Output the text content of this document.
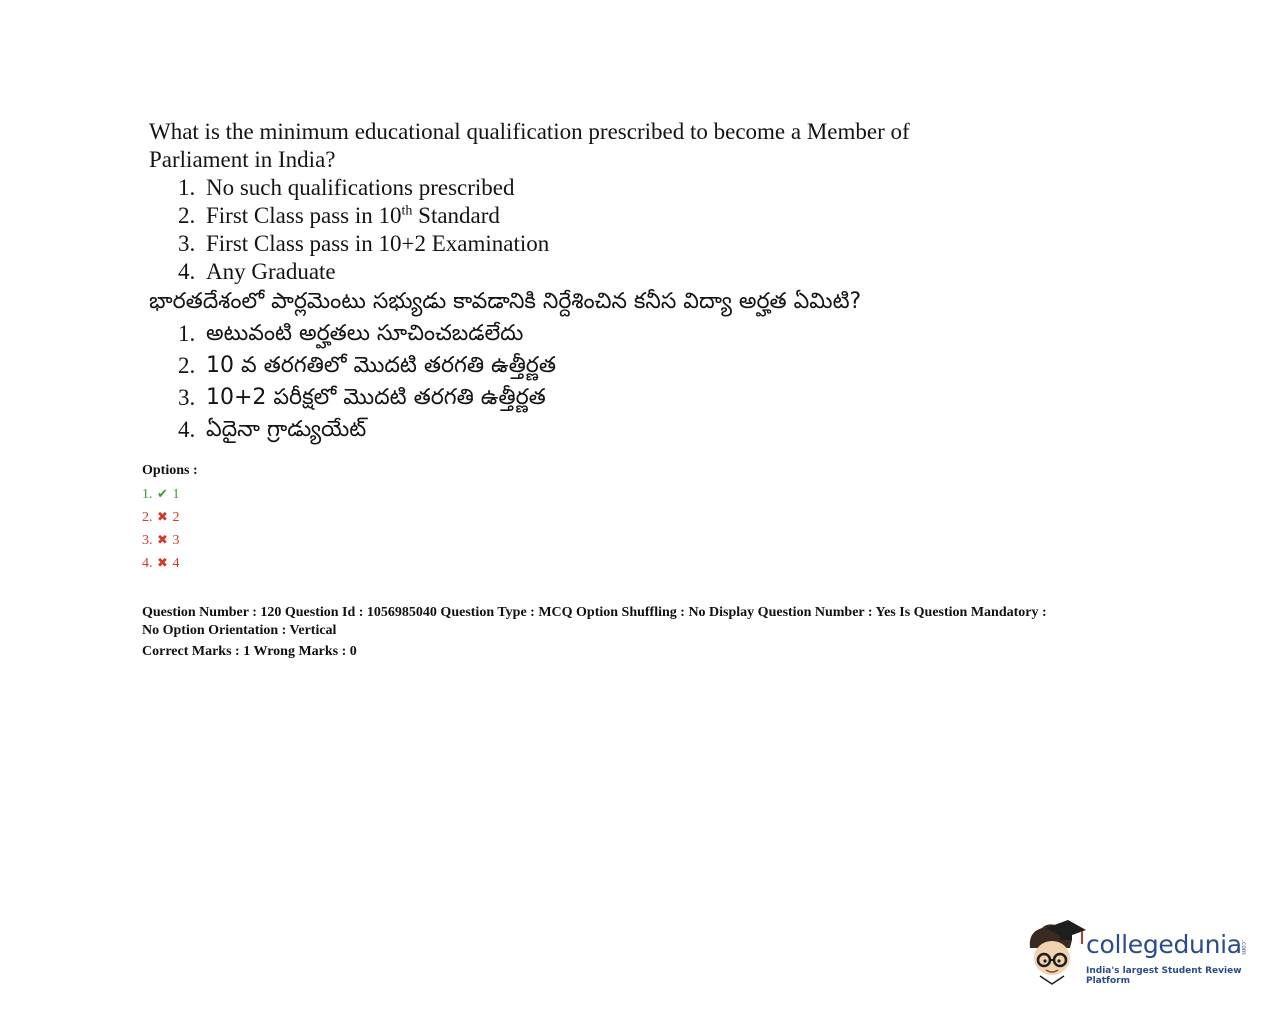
What is the minimum educational qualification prescribed to become a Member of
Parliament in India?

1. No such qualifications prescribed
2. First Class pass in 10th Standard
3. First Class pass in 10+2 Examination
4. Any Graduate

భారతదేశంలో పార్లమెంటు సభ్యుడు కావడానికి నిర్దేశించిన కనీస విద్యా అర్హత ఏమిటి?

1. అటువంటి అర్హతలు సూచించబడలేదు
2. 10 వ తరగతిలో మొదటి తరగతి ఉత్తీర్ణత
3. 10+2 పరీక్షలో మొదటి తరగతి ఉత్తీర్ణత
4. ఏదైనా గ్రాడ్యుయేట్
Options :
1. ✔ 1
2. ✖ 2
3. ✖ 3
4. ✖ 4

Question Number : 120 Question Id : 1056985040 Question Type : MCQ Option Shuffling : No Display Question Number : Yes Is Question Mandatory :

No Option Orientation : Vertical

Correct Marks : 1 Wrong Marks : 0

collegedunia
.com
India's largest Student Review Platform
